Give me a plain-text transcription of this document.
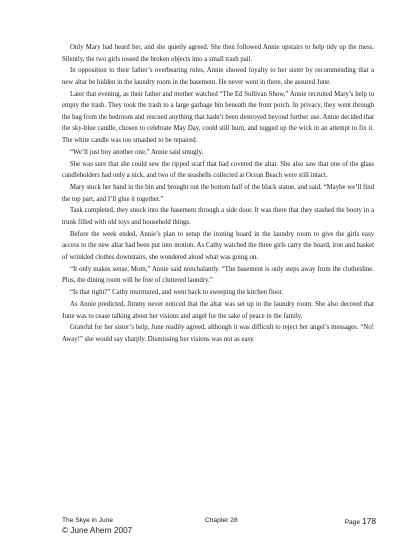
Only Mary had heard her, and she quietly agreed. She then followed Annie upstairs to help tidy up the mess. Silently, the two girls tossed the broken objects into a small trash pail.

In opposition to their father’s overbearing rules, Annie showed loyalty to her sister by recommending that a new altar be hidden in the laundry room in the basement. He never went in there, she assured June.

Later that evening, as their father and mother watched “The Ed Sullivan Show,” Annie recruited Mary’s help to empty the trash. They took the trash to a large garbage bin beneath the front porch. In privacy, they went through the bag from the bedroom and rescued anything that hadn’t been destroyed beyond further use. Annie decided that the sky-blue candle, chosen to celebrate May Day, could still burn, and tugged up the wick in an attempt to fix it. The white candle was too smashed to be repaired.

“We’ll just buy another one,” Annie said smugly.

She was sure that she could sew the ripped scarf that had covered the altar. She also saw that one of the glass candleholders had only a nick, and two of the seashells collected at Ocean Beach were still intact.

Mary stuck her hand in the bin and brought out the bottom half of the black statue, and said, “Maybe we’ll find the top part, and I’ll glue it together.”

Task completed, they snuck into the basement through a side door. It was there that they stashed the booty in a trunk filled with old toys and household things.

Before the week ended, Annie’s plan to setup the ironing board in the laundry room to give the girls easy access to the new altar had been put into motion. As Cathy watched the three girls carry the board, iron and basket of wrinkled clothes downstairs, she wondered aloud what was going on.

“It only makes sense, Mom,” Annie said nonchalantly. “The basement is only steps away from the clothesline. Plus, the dining room will be free of cluttered laundry.”

“Is that right?” Cathy murmured, and went back to sweeping the kitchen floor.

As Annie predicted, Jimmy never noticed that the altar was set up in the laundry room. She also decreed that June was to cease talking about her visions and angel for the sake of peace in the family.

Grateful for her sister’s help, June readily agreed, although it was difficult to reject her angel’s messages. “No! Away!” she would say sharply. Dismissing her visions was not as easy.

The Skye in June	Chapter 28	Page 178
© June Ahern 2007
